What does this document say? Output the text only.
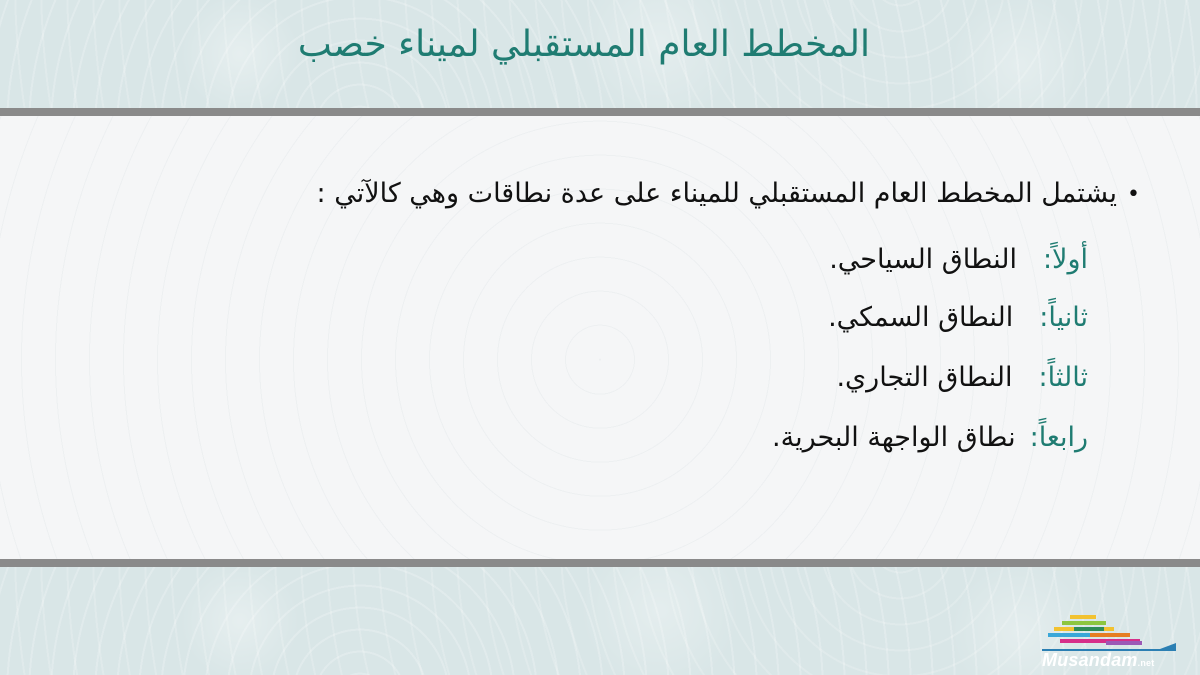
المخطط العام المستقبلي لميناء خصب
•يشتمل المخطط العام المستقبلي للميناء على عدة نطاقات وهي كالآتي :
أولاً:النطاق السياحي.
ثانياً:النطاق السمكي.
ثالثاً:النطاق التجاري.
رابعاً:نطاق الواجهة البحرية.
Musandam.net
